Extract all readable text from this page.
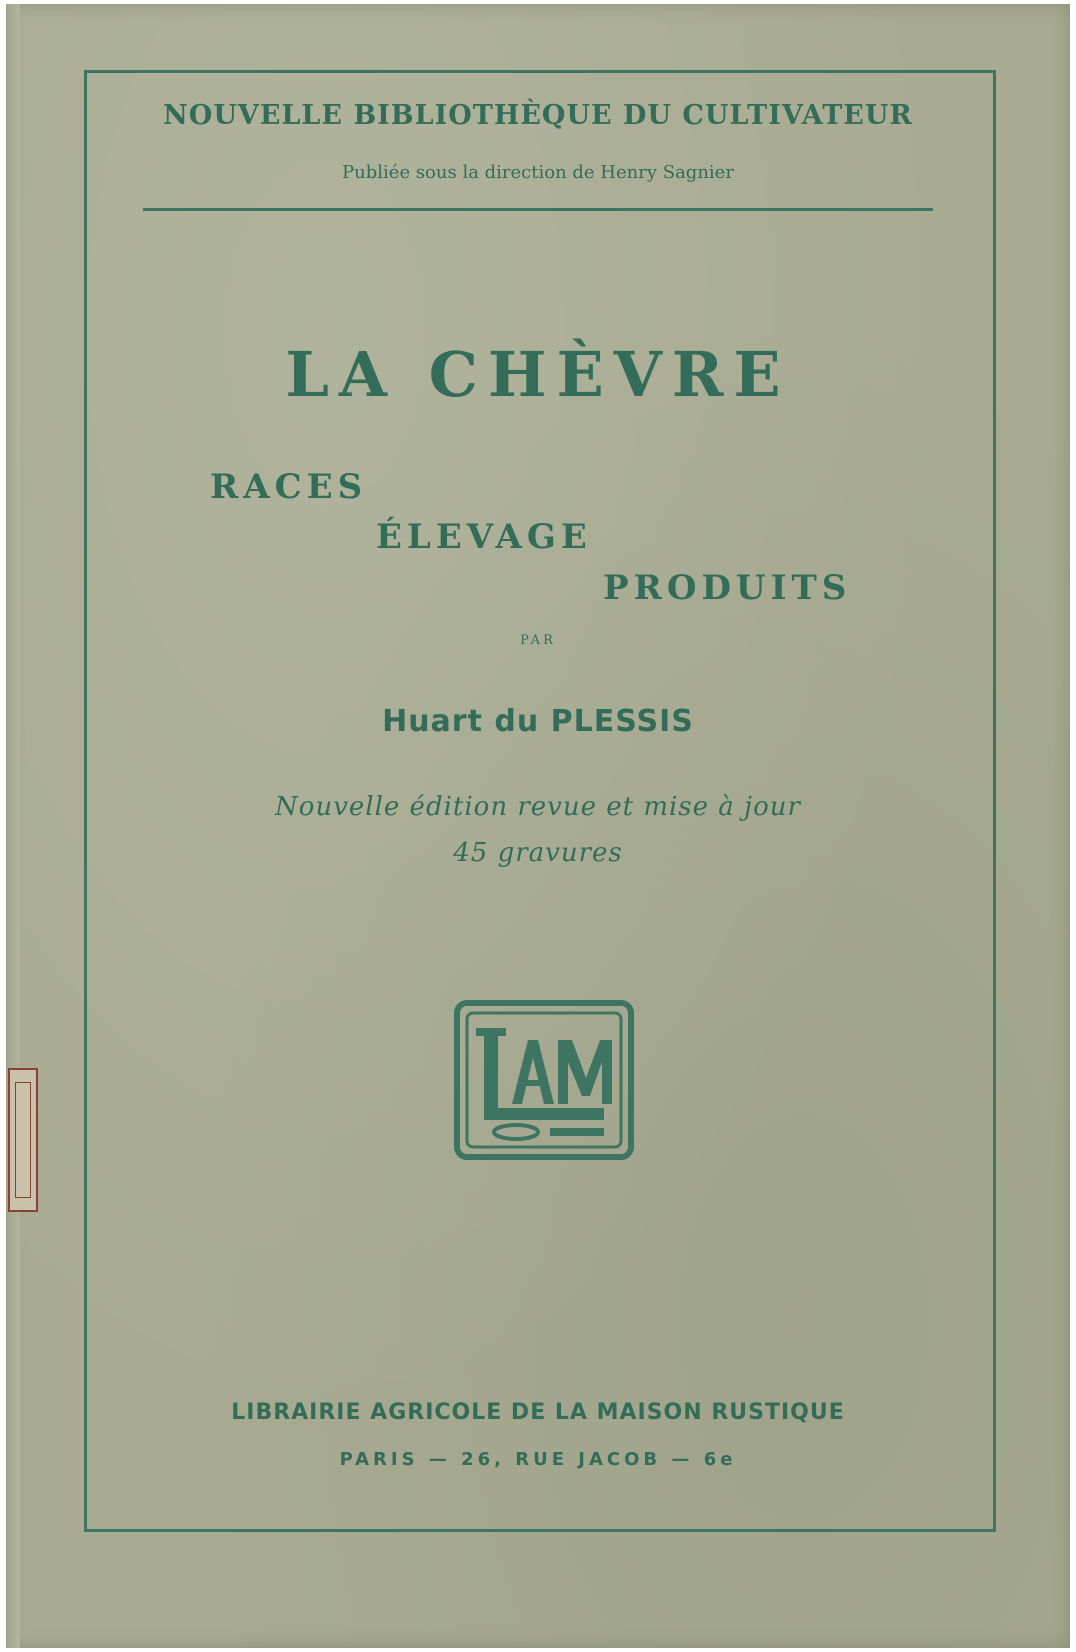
NOUVELLE BIBLIOTHÈQUE DU CULTIVATEUR
Publiée sous la direction de Henry Sagnier
LA CHÈVRE
RACES
ÉLEVAGE
PRODUITS
PAR
Huart du PLESSIS
Nouvelle édition revue et mise à jour
45 gravures
LAMR
LIBRAIRIE AGRICOLE DE LA MAISON RUSTIQUE
PARIS — 26, RUE JACOB — 6e
